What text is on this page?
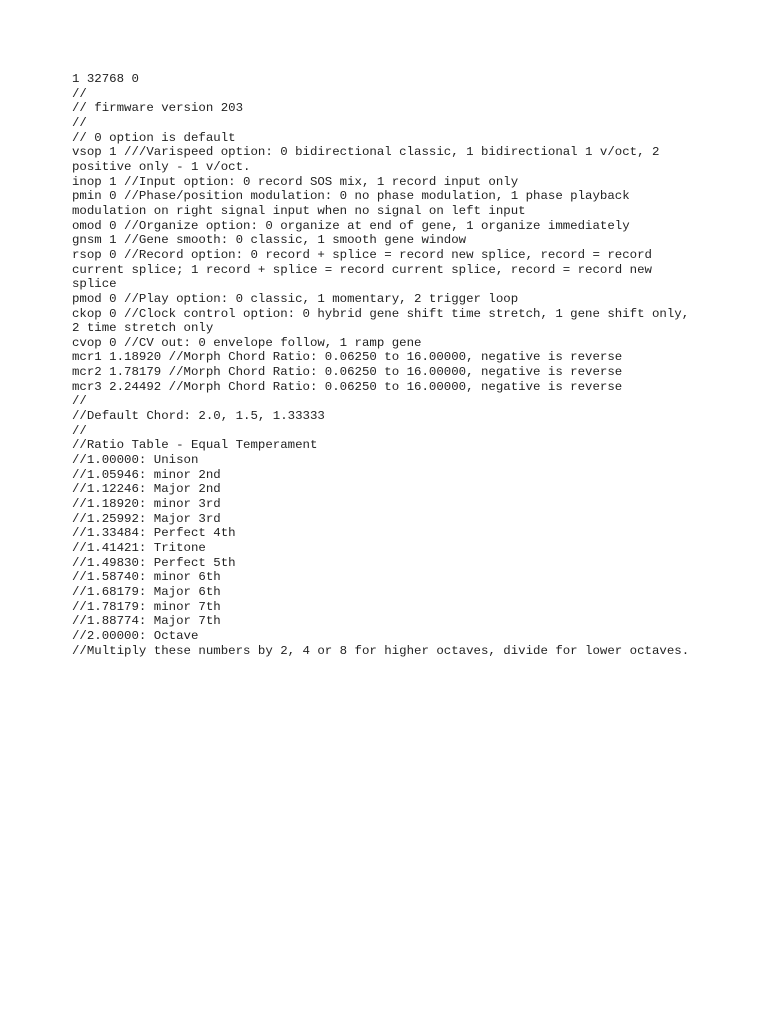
1 32768 0
//
// firmware version 203
//
// 0 option is default
vsop 1 ///Varispeed option: 0 bidirectional classic, 1 bidirectional 1 v/oct, 2
positive only - 1 v/oct.
inop 1 //Input option: 0 record SOS mix, 1 record input only
pmin 0 //Phase/position modulation: 0 no phase modulation, 1 phase playback
modulation on right signal input when no signal on left input
omod 0 //Organize option: 0 organize at end of gene, 1 organize immediately
gnsm 1 //Gene smooth: 0 classic, 1 smooth gene window
rsop 0 //Record option: 0 record + splice = record new splice, record = record
current splice; 1 record + splice = record current splice, record = record new
splice
pmod 0 //Play option: 0 classic, 1 momentary, 2 trigger loop
ckop 0 //Clock control option: 0 hybrid gene shift time stretch, 1 gene shift only,
2 time stretch only
cvop 0 //CV out: 0 envelope follow, 1 ramp gene
mcr1 1.18920 //Morph Chord Ratio: 0.06250 to 16.00000, negative is reverse
mcr2 1.78179 //Morph Chord Ratio: 0.06250 to 16.00000, negative is reverse
mcr3 2.24492 //Morph Chord Ratio: 0.06250 to 16.00000, negative is reverse
//
//Default Chord: 2.0, 1.5, 1.33333
//
//Ratio Table - Equal Temperament
//1.00000: Unison
//1.05946: minor 2nd
//1.12246: Major 2nd
//1.18920: minor 3rd
//1.25992: Major 3rd
//1.33484: Perfect 4th
//1.41421: Tritone
//1.49830: Perfect 5th
//1.58740: minor 6th
//1.68179: Major 6th
//1.78179: minor 7th
//1.88774: Major 7th
//2.00000: Octave
//Multiply these numbers by 2, 4 or 8 for higher octaves, divide for lower octaves.
